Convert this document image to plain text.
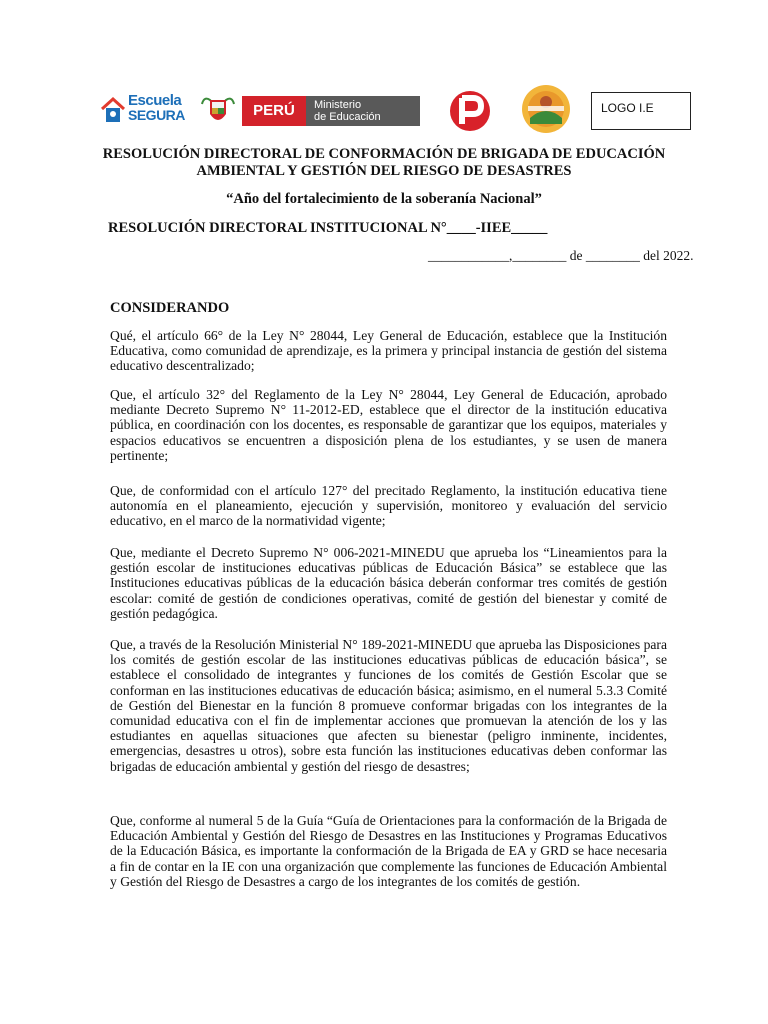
Escuela
SEGURA	PERÚ	Ministerio
de Educación
LOGO I.E
RESOLUCIÓN DIRECTORAL DE CONFORMACIÓN DE BRIGADA DE EDUCACIÓN
AMBIENTAL Y GESTIÓN DEL RIESGO DE DESASTRES
“Año del fortalecimiento de la soberanía Nacional”
RESOLUCIÓN DIRECTORAL INSTITUCIONAL N°____-IIEE_____
____________,________ de ________ del 2022.
CONSIDERANDO

Qué, el artículo 66° de la Ley N° 28044, Ley General de Educación, establece que la Institución Educativa, como comunidad de aprendizaje, es la primera y principal instancia de gestión del sistema educativo descentralizado;

Que, el artículo 32° del Reglamento de la Ley N° 28044, Ley General de Educación, aprobado mediante Decreto Supremo N° 11-2012-ED, establece que el director de la institución educativa pública, en coordinación con los docentes, es responsable de garantizar que los equipos, materiales y espacios educativos se encuentren a disposición plena de los estudiantes, y se usen de manera pertinente;

Que, de conformidad con el artículo 127° del precitado Reglamento, la institución educativa tiene autonomía en el planeamiento, ejecución y supervisión, monitoreo y evaluación del servicio educativo, en el marco de la normatividad vigente;

Que, mediante el Decreto Supremo N° 006-2021-MINEDU que aprueba los “Lineamientos para la gestión escolar de instituciones educativas públicas de Educación Básica” se establece que las Instituciones educativas públicas de la educación básica deberán conformar tres comités de gestión escolar: comité de gestión de condiciones operativas, comité de gestión del bienestar y comité de gestión pedagógica.

Que, a través de la Resolución Ministerial N° 189-2021-MINEDU que aprueba las Disposiciones para los comités de gestión escolar de las instituciones educativas públicas de educación básica”, se establece el consolidado de integrantes y funciones de los comités de Gestión Escolar que se conforman en las instituciones educativas de educación básica; asimismo, en el numeral 5.3.3 Comité de Gestión del Bienestar en la función 8 promueve conformar brigadas con los integrantes de la comunidad educativa con el fin de implementar acciones que promuevan la atención de los y las estudiantes en aquellas situaciones que afecten su bienestar (peligro inminente, incidentes, emergencias, desastres u otros), sobre esta función las instituciones educativas deben conformar las brigadas de educación ambiental y gestión del riesgo de desastres;

Que, conforme al numeral 5 de la Guía “Guía de Orientaciones para la conformación de la Brigada de Educación Ambiental y Gestión del Riesgo de Desastres en las Instituciones y Programas Educativos de la Educación Básica, es importante la conformación de la Brigada de EA y GRD se hace necesaria a fin de contar en la IE con una organización que complemente las funciones de Educación Ambiental y Gestión del Riesgo de Desastres a cargo de los integrantes de los comités de gestión.
